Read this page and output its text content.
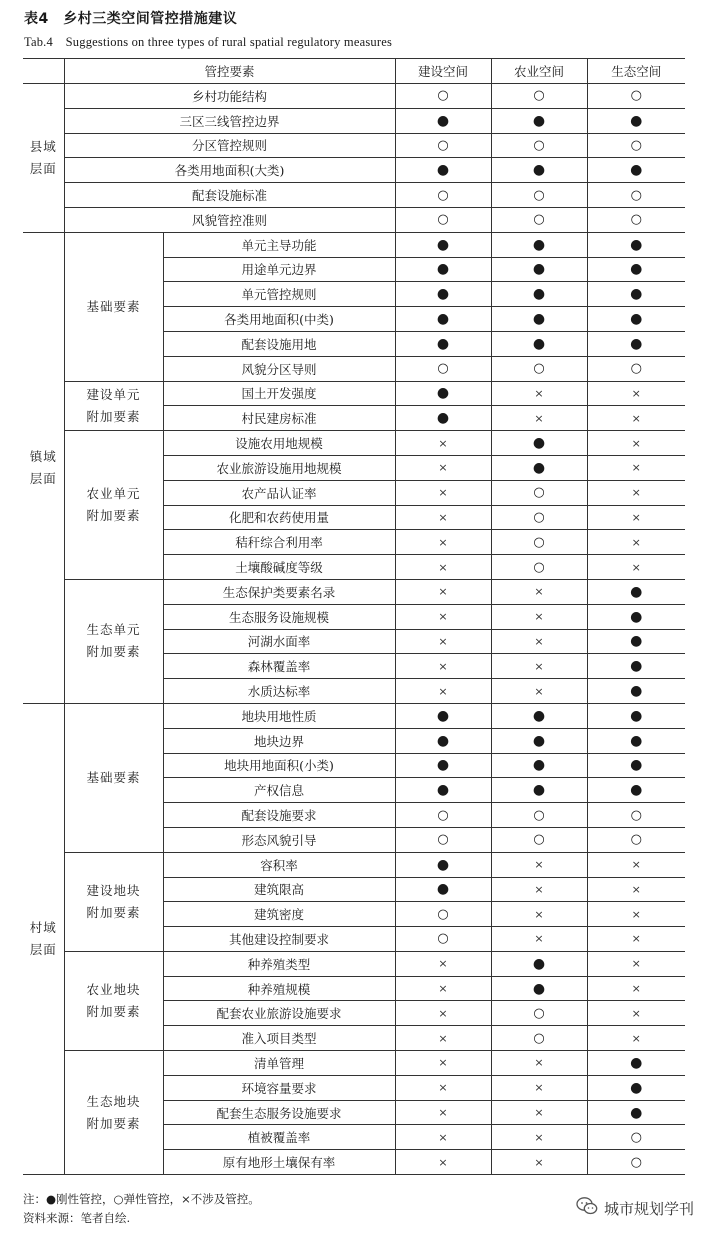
表4　乡村三类空间管控措施建议
Tab.4　Suggestions on three types of rural spatial regulatory measures
	管控要素		建设空间	农业空间	生态空间

县域
层面	乡村功能结构		○	○	○
	三区三线管控边界		●	●	●
	分区管控规则		○	○	○
	各类用地面积(大类)		●	●	●
	配套设施标准		○	○	○
	风貌管控准则		○	○	○

镇域
层面	基础要素	单元主导功能	●	●	●
		用途单元边界	●	●	●
		单元管控规则	●	●	●
		各类用地面积(中类)	●	●	●
		配套设施用地	●	●	●
		风貌分区导则	○	○	○

	建设单元
附加要素	国土开发强度	●	×	×
		村民建房标准	●	×	×

	农业单元
附加要素	设施农用地规模	×	●	×
		农业旅游设施用地规模	×	●	×
		农产品认证率	×	○	×
		化肥和农药使用量	×	○	×
		秸秆综合利用率	×	○	×
		土壤酸碱度等级	×	○	×

	生态单元
附加要素	生态保护类要素名录	×	×	●
		生态服务设施规模	×	×	●
		河湖水面率	×	×	●
		森林覆盖率	×	×	●
		水质达标率	×	×	●

村域
层面	基础要素	地块用地性质	●	●	●
		地块边界	●	●	●
		地块用地面积(小类)	●	●	●
		产权信息	●	●	●
		配套设施要求	○	○	○
		形态风貌引导	○	○	○

	建设地块
附加要素	容积率	●	×	×
		建筑限高	●	×	×
		建筑密度	○	×	×
		其他建设控制要求	○	×	×

	农业地块
附加要素	种养殖类型	×	●	×
		种养殖规模	×	●	×
		配套农业旅游设施要求	×	○	×
		准入项目类型	×	○	×

	生态地块
附加要素	清单管理	×	×	●
		环境容量要求	×	×	●
		配套生态服务设施要求	×	×	●
		植被覆盖率	×	×	○
		原有地形土壤保有率	×	×	○
注：●刚性管控，○弹性管控，×不涉及管控。
资料来源：笔者自绘.
城市规划学刊
